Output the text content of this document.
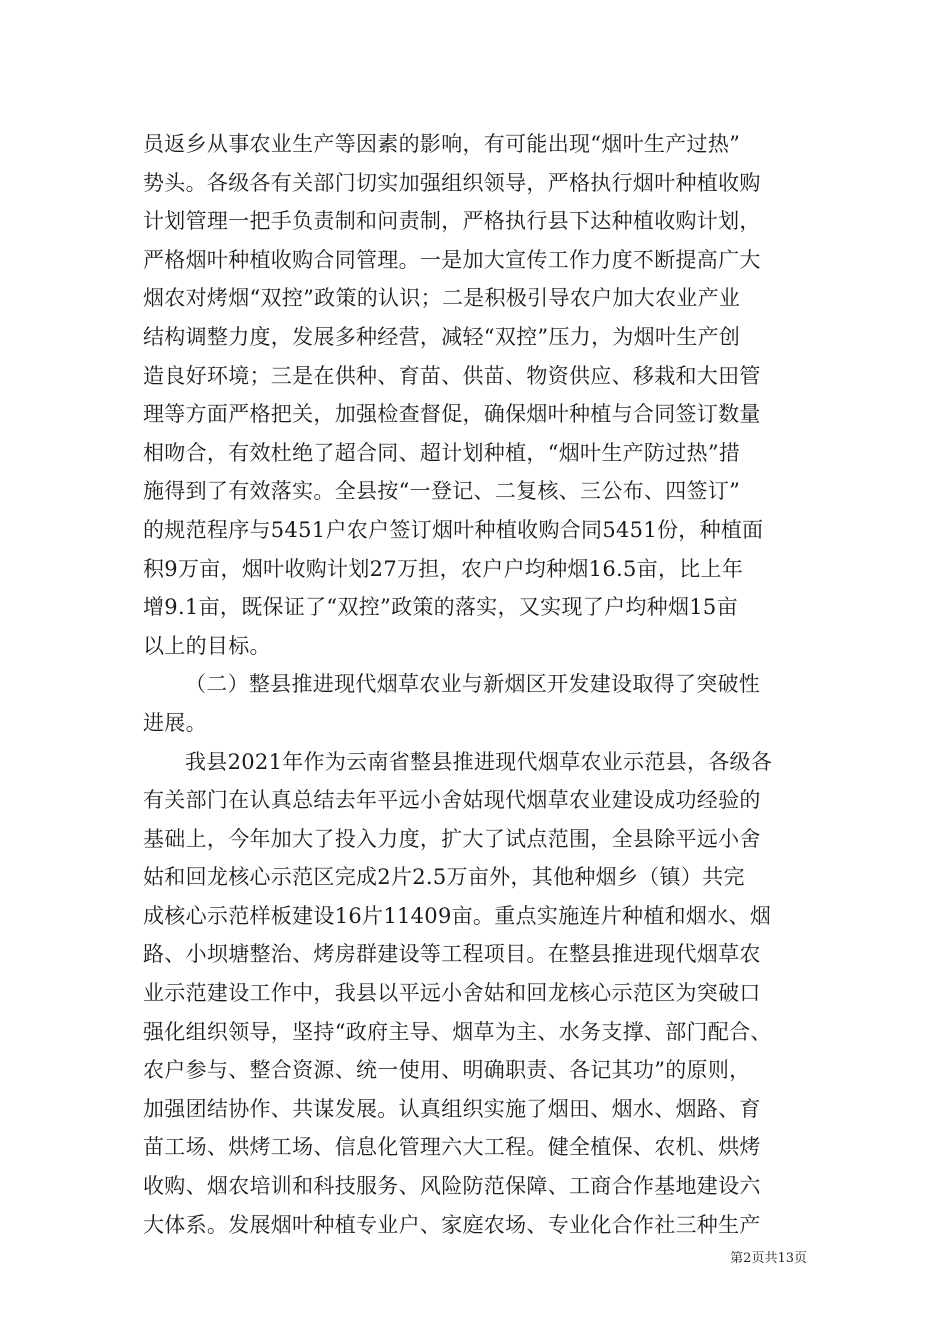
员返乡从事农业生产等因素的影响，有可能出现“烟叶生产过热”
势头。各级各有关部门切实加强组织领导，严格执行烟叶种植收购
计划管理一把手负责制和问责制，严格执行县下达种植收购计划，
严格烟叶种植收购合同管理。一是加大宣传工作力度不断提高广大
烟农对烤烟“双控”政策的认识；二是积极引导农户加大农业产业
结构调整力度，发展多种经营，减轻“双控”压力，为烟叶生产创
造良好环境；三是在供种、育苗、供苗、物资供应、移栽和大田管
理等方面严格把关，加强检查督促，确保烟叶种植与合同签订数量
相吻合，有效杜绝了超合同、超计划种植，“烟叶生产防过热”措
施得到了有效落实。全县按“一登记、二复核、三公布、四签订”
的规范程序与5451户农户签订烟叶种植收购合同5451份，种植面
积9万亩，烟叶收购计划27万担，农户户均种烟16.5亩，比上年
增9.1亩，既保证了“双控”政策的落实，又实现了户均种烟15亩
以上的目标。
（二）整县推进现代烟草农业与新烟区开发建设取得了突破性
进展。
我县2021年作为云南省整县推进现代烟草农业示范县，各级各
有关部门在认真总结去年平远小舍姑现代烟草农业建设成功经验的
基础上，今年加大了投入力度，扩大了试点范围，全县除平远小舍
姑和回龙核心示范区完成2片2.5万亩外，其他种烟乡（镇）共完
成核心示范样板建设16片11409亩。重点实施连片种植和烟水、烟
路、小坝塘整治、烤房群建设等工程项目。在整县推进现代烟草农
业示范建设工作中，我县以平远小舍姑和回龙核心示范区为突破口
强化组织领导，坚持“政府主导、烟草为主、水务支撑、部门配合、
农户参与、整合资源、统一使用、明确职责、各记其功”的原则，
加强团结协作、共谋发展。认真组织实施了烟田、烟水、烟路、育
苗工场、烘烤工场、信息化管理六大工程。健全植保、农机、烘烤
收购、烟农培训和科技服务、风险防范保障、工商合作基地建设六
大体系。发展烟叶种植专业户、家庭农场、专业化合作社三种生产
第2页共13页
